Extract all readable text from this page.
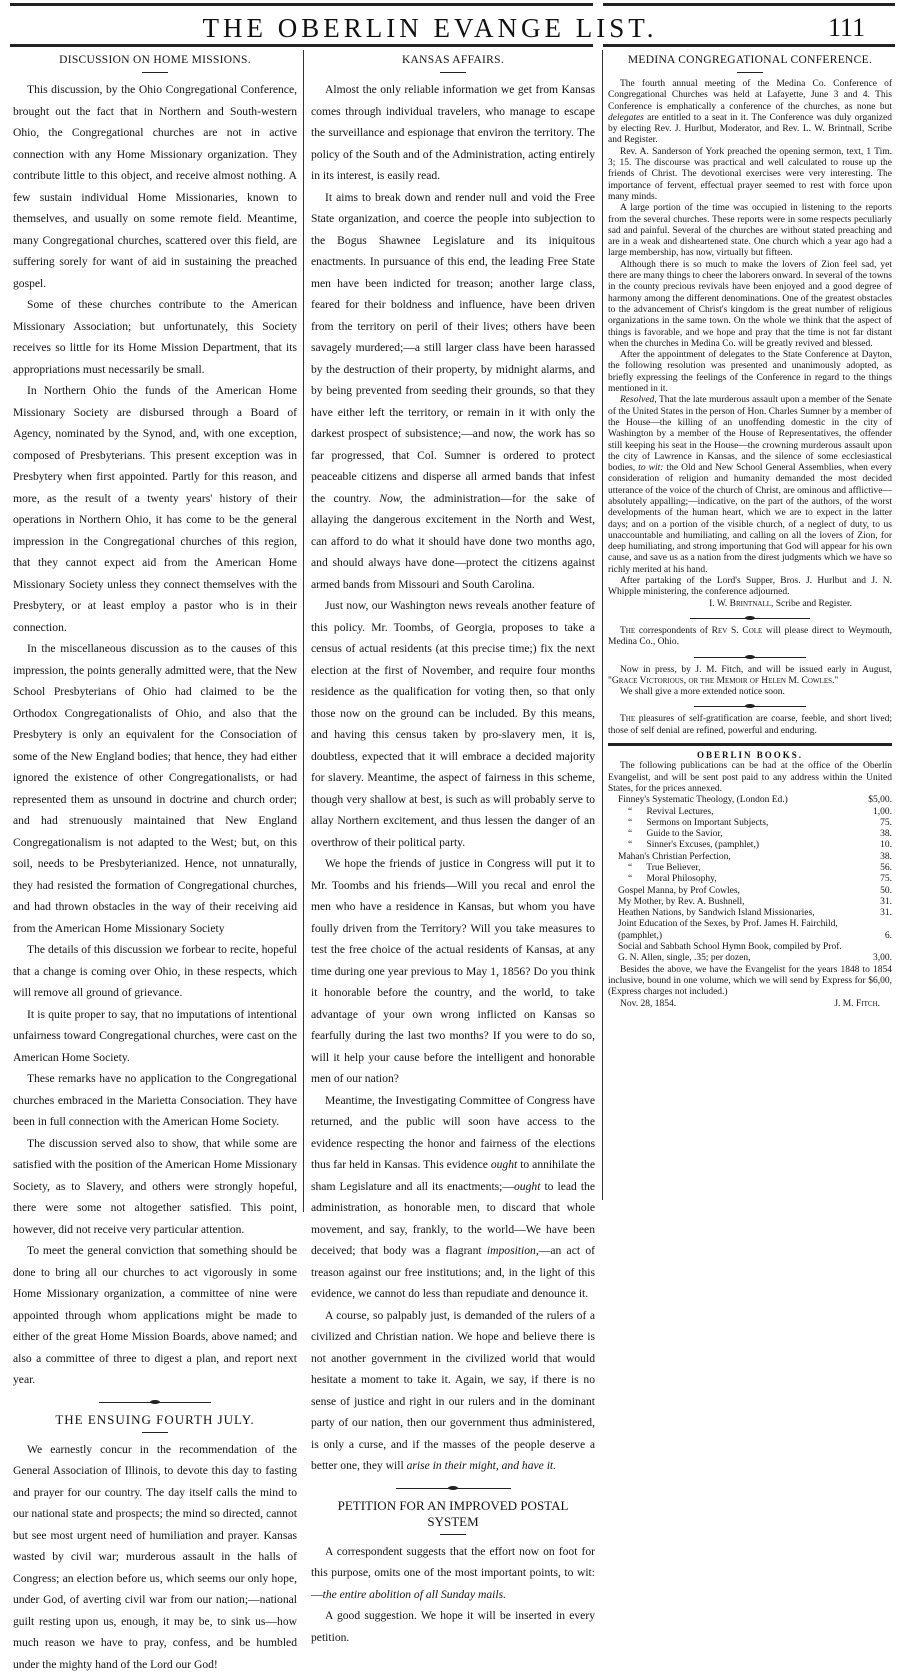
THE OBERLIN EVANGE LIST.	111
DISCUSSION ON HOME MISSIONS.

This discussion, by the Ohio Congregational Conference, brought out the fact that in Northern and South-western Ohio, the Congregational churches are not in active connection with any Home Missionary organization. They contribute little to this object, and receive almost nothing. A few sustain individual Home Missionaries, known to themselves, and usually on some remote field. Meantime, many Congregational churches, scattered over this field, are suffering sorely for want of aid in sustaining the preached gospel.

Some of these churches contribute to the American Missionary Association; but unfortunately, this Society receives so little for its Home Mission Department, that its appropriations must necessarily be small.

In Northern Ohio the funds of the American Home Missionary Society are disbursed through a Board of Agency, nominated by the Synod, and, with one exception, composed of Presbyterians. This present exception was in Presbytery when first appointed. Partly for this reason, and more, as the result of a twenty years' history of their operations in Northern Ohio, it has come to be the general impression in the Congregational churches of this region, that they cannot expect aid from the American Home Missionary Society unless they connect themselves with the Presbytery, or at least employ a pastor who is in their connection.

In the miscellaneous discussion as to the causes of this impression, the points generally admitted were, that the New School Presbyterians of Ohio had claimed to be the Orthodox Congregationalists of Ohio, and also that the Presbytery is only an equivalent for the Consociation of some of the New England bodies; that hence, they had either ignored the existence of other Congregationalists, or had represented them as unsound in doctrine and church order; and had strenuously maintained that New England Congregationalism is not adapted to the West; but, on this soil, needs to be Presbyterianized. Hence, not unnaturally, they had resisted the formation of Congregational churches, and had thrown obstacles in the way of their receiving aid from the American Home Missionary Society

The details of this discussion we forbear to recite, hopeful that a change is coming over Ohio, in these respects, which will remove all ground of grievance.

It is quite proper to say, that no imputations of intentional unfairness toward Congregational churches, were cast on the American Home Society.

These remarks have no application to the Congregational churches embraced in the Marietta Consociation. They have been in full connection with the American Home Society.

The discussion served also to show, that while some are satisfied with the position of the American Home Missionary Society, as to Slavery, and others were strongly hopeful, there were some not altogether satisfied. This point, however, did not receive very particular attention.

To meet the general conviction that something should be done to bring all our churches to act vigorously in some Home Missionary organization, a committee of nine were appointed through whom applications might be made to either of the great Home Mission Boards, above named; and also a committee of three to digest a plan, and report next year.

THE ENSUING FOURTH JULY.

We earnestly concur in the recommendation of the General Association of Illinois, to devote this day to fasting and prayer for our country. The day itself calls the mind to our national state and prospects; the mind so directed, cannot but see most urgent need of humiliation and prayer. Kansas wasted by civil war; murderous assault in the halls of Congress; an election before us, which seems our only hope, under God, of averting civil war from our nation;—national guilt resting upon us, enough, it may be, to sink us—how much reason we have to pray, confess, and be humbled under the mighty hand of the Lord our God!

KANSAS AFFAIRS.

Almost the only reliable information we get from Kansas comes through individual travelers, who manage to escape the surveillance and espionage that environ the territory. The policy of the South and of the Administration, acting entirely in its interest, is easily read.

It aims to break down and render null and void the Free State organization, and coerce the people into subjection to the Bogus Shawnee Legislature and its iniquitous enactments. In pursuance of this end, the leading Free State men have been indicted for treason; another large class, feared for their boldness and influence, have been driven from the territory on peril of their lives; others have been savagely murdered;—a still larger class have been harassed by the destruction of their property, by midnight alarms, and by being prevented from seeding their grounds, so that they have either left the territory, or remain in it with only the darkest prospect of subsistence;—and now, the work has so far progressed, that Col. Sumner is ordered to protect peaceable citizens and disperse all armed bands that infest the country. Now, the administration—for the sake of allaying the dangerous excitement in the North and West, can afford to do what it should have done two months ago, and should always have done—protect the citizens against armed bands from Missouri and South Carolina.

Just now, our Washington news reveals another feature of this policy. Mr. Toombs, of Georgia, proposes to take a census of actual residents (at this precise time;) fix the next election at the first of November, and require four months residence as the qualification for voting then, so that only those now on the ground can be included. By this means, and having this census taken by pro-slavery men, it is, doubtless, expected that it will embrace a decided majority for slavery. Meantime, the aspect of fairness in this scheme, though very shallow at best, is such as will probably serve to allay Northern excitement, and thus lessen the danger of an overthrow of their political party.

We hope the friends of justice in Congress will put it to Mr. Toombs and his friends—Will you recal and enrol the men who have a residence in Kansas, but whom you have foully driven from the Territory? Will you take measures to test the free choice of the actual residents of Kansas, at any time during one year previous to May 1, 1856? Do you think it honorable before the country, and the world, to take advantage of your own wrong inflicted on Kansas so fearfully during the last two months? If you were to do so, will it help your cause before the intelligent and honorable men of our nation?

Meantime, the Investigating Committee of Congress have returned, and the public will soon have access to the evidence respecting the honor and fairness of the elections thus far held in Kansas. This evidence ought to annihilate the sham Legislature and all its enactments;—ought to lead the administration, as honorable men, to discard that whole movement, and say, frankly, to the world—We have been deceived; that body was a flagrant imposition,—an act of treason against our free institutions; and, in the light of this evidence, we cannot do less than repudiate and denounce it.

A course, so palpably just, is demanded of the rulers of a civilized and Christian nation. We hope and believe there is not another government in the civilized world that would hesitate a moment to take it. Again, we say, if there is no sense of justice and right in our rulers and in the dominant party of our nation, then our government thus administered, is only a curse, and if the masses of the people deserve a better one, they will arise in their might, and have it.

PETITION FOR AN IMPROVED POSTAL SYSTEM

A correspondent suggests that the effort now on foot for this purpose, omits one of the most important points, to wit:—the entire abolition of all Sunday mails.

A good suggestion. We hope it will be inserted in every petition.

MEDINA CONGREGATIONAL CONFERENCE.

The fourth annual meeting of the Medina Co. Conference of Congregational Churches was held at Lafayette, June 3 and 4. This Conference is emphatically a conference of the churches, as none but delegates are entitled to a seat in it. The Conference was duly organized by electing Rev. J. Hurlbut, Moderator, and Rev. L. W. Brintnall, Scribe and Register.

Rev. A. Sanderson of York preached the opening sermon, text, 1 Tim. 3; 15. The discourse was practical and well calculated to rouse up the friends of Christ. The devotional exercises were very interesting. The importance of fervent, effectual prayer seemed to rest with force upon many minds.

A large portion of the time was occupied in listening to the reports from the several churches. These reports were in some respects peculiarly sad and painful. Several of the churches are without stated preaching and are in a weak and disheartened state. One church which a year ago had a large membership, has now, virtually but fifteen.

Although there is so much to make the lovers of Zion feel sad, yet there are many things to cheer the laborers onward. In several of the towns in the county precious revivals have been enjoyed and a good degree of harmony among the different denominations. One of the greatest obstacles to the advancement of Christ's kingdom is the great number of religious organizations in the same town. On the whole we think that the aspect of things is favorable, and we hope and pray that the time is not far distant when the churches in Medina Co. will be greatly revived and blessed.

After the appointment of delegates to the State Conference at Dayton, the following resolution was presented and unanimously adopted, as briefly expressing the feelings of the Conference in regard to the things mentioned in it.

Resolved, That the late murderous assault upon a member of the Senate of the United States in the person of Hon. Charles Sumner by a member of the House—the killing of an unoffending domestic in the city of Washington by a member of the House of Representatives, the offender still keeping his seat in the House—the crowning murderous assault upon the city of Lawrence in Kansas, and the silence of some ecclesiastical bodies, to wit: the Old and New School General Assemblies, when every consideration of religion and humanity demanded the most decided utterance of the voice of the church of Christ, are ominous and afflictive—absolutely appalling;—indicative, on the part of the authors, of the worst developments of the human heart, which we are to expect in the latter days; and on a portion of the visible church, of a neglect of duty, to us unaccountable and humiliating, and calling on all the lovers of Zion, for deep humiliating, and strong importuning that God will appear for his own cause, and save us as a nation from the direst judgments which we have so richly merited at his hand.

After partaking of the Lord's Supper, Bros. J. Hurlbut and J. N. Whipple ministering, the conference adjourned.

I. W. Brintnall, Scribe and Register.

The correspondents of Rev S. Cole will please direct to Weymouth, Medina Co., Ohio.

Now in press, by J. M. Fitch, and will be issued early in August, "Grace Victorious, or the Memoir of Helen M. Cowles."

We shall give a more extended notice soon.

The pleasures of self-gratification are coarse, feeble, and short lived; those of self denial are refined, powerful and enduring.

OBERLIN BOOKS.

The following publications can be had at the office of the Oberlin Evangelist, and will be sent post paid to any address within the United States, for the prices annexed.

Finney's Systematic Theology, (London Ed.)	$5,00.
“      Revival Lectures,	1,00.
“      Sermons on Important Subjects,	75.
“      Guide to the Savior,	38.
“      Sinner's Excuses, (pamphlet,)	10.
Mahan's Christian Perfection,	38.
“      True Believer,	56.
“      Moral Philosophy,	75.
Gospel Manna, by Prof Cowles,	50.
My Mother, by Rev. A. Bushnell,	31.
Heathen Nations, by Sandwich Island Missionaries,	31.
Joint Education of the Sexes, by Prof. James H. Fairchild, (pamphlet,)	6.
Social and Sabbath School Hymn Book, compiled by Prof. G. N. Allen, single, .35; per dozen,	3,00.

Besides the above, we have the Evangelist for the years 1848 to 1854 inclusive, bound in one volume, which we will send by Express for $6,00, (Express charges not included.)

Nov. 28, 1854.	J. M. Fitch.
